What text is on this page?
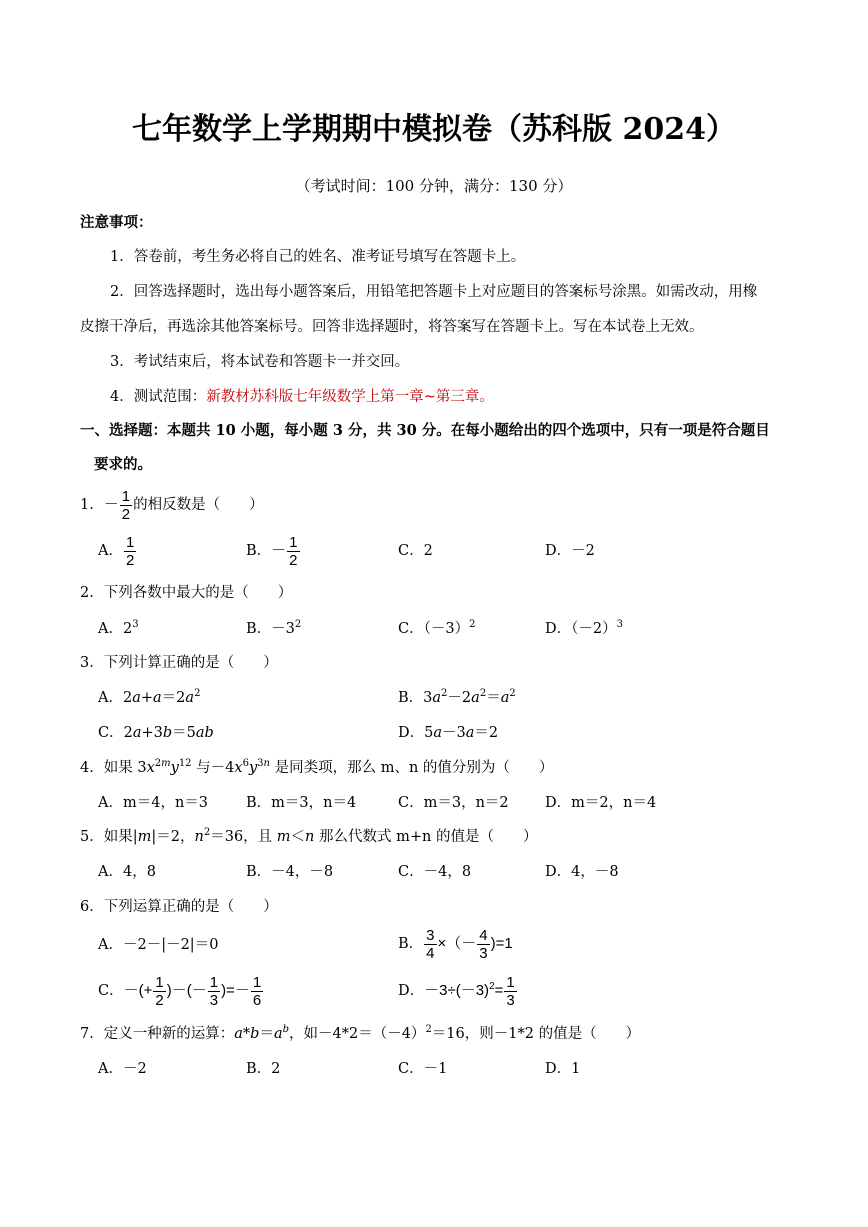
七年数学上学期期中模拟卷（苏科版 2024）
（考试时间：100 分钟，满分：130 分）
注意事项：
1．答卷前，考生务必将自己的姓名、准考证号填写在答题卡上。
2．回答选择题时，选出每小题答案后，用铅笔把答题卡上对应题目的答案标号涂黑。如需改动，用橡
皮擦干净后，再选涂其他答案标号。回答非选择题时，将答案写在答题卡上。写在本试卷上无效。
3．考试结束后，将本试卷和答题卡一并交回。
4．测试范围：新教材苏科版七年级数学上第一章~第三章。
一、选择题：本题共 10 小题，每小题 3 分，共 30 分。在每小题给出的四个选项中，只有一项是符合题目
要求的。
1．－ $\frac{1}{2}$ 的相反数是（　　）
A． $\frac{1}{2}$	B．－ $\frac{1}{2}$	C．2	D．－2
2．下列各数中最大的是（　　）
A．$2^3$	B．$-3^2$	C．$(-3)^2$	D．$(-2)^3$
3．下列计算正确的是（　　）
A．$2a+a=2a^2$	B．$3a^2-2a^2=a^2$
C．2a+3b＝5ab	D．5a－3a＝2
4．如果 $3x^{2m}y^{12}$ 与$-4x^6y^{3n}$ 是同类项，那么 m、n 的值分别为（　　）
A．m＝4，n＝3	B．m＝3，n＝4	C．m＝3，n＝2	D．m＝2，n＝4
5．如果|m|＝2，$n^2=36$，且 m＜n 那么代数式 m+n 的值是（　　）
A．4，8	B．－4，－8	C．－4，8	D．4，－8
6．下列运算正确的是（　　）
A．－2－|－2|＝0	B． $\frac{3}{4}$ ×（－ $\frac{4}{3} )=1$
C．－(+ $\frac{1}{2}$ )－(－ $\frac{1}{3}$ )=－ $\frac{1}{6}$	D．$-3\div(-3)^2= \frac{1}{3}$
7．定义一种新的运算：$a*b=a^b$，如$-4*2=(-4)^2=16$，则－1*2 的值是（　　）
A．－2	B．2	C．－1	D．1
